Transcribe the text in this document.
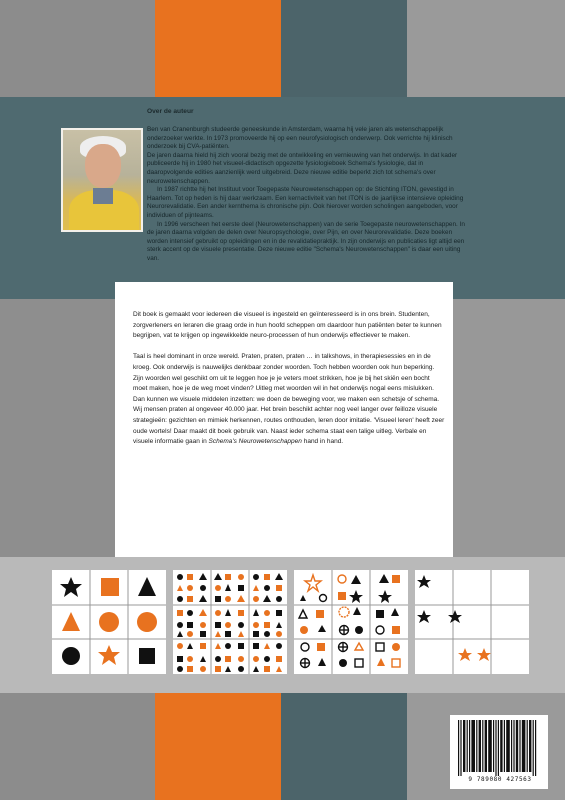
Over de auteur

Ben van Cranenburgh studeerde geneeskunde in Amsterdam, waarna hij vele jaren als wetenschappelijk onderzoeker werkte. In 1973 promoveerde hij op een neurofysiologisch onderwerp. Ook verrichte hij klinisch onderzoek bij CVA-patiënten.

De jaren daarna hield hij zich vooral bezig met de ontwikkeling en vernieuwing van het onderwijs. In dat kader publiceerde hij in 1980 het visueel-didactisch opgezette fysiologieboek Schema's fysiologie, dat in daaropvolgende edities aanzienlijk werd uitgebreid. Deze nieuwe editie beperkt zich tot schema's over neurowetenschappen.

In 1987 richtte hij het Instituut voor Toegepaste Neurowetenschappen op: de Stichting ITON, gevestigd in Haarlem. Tot op heden is hij daar werkzaam. Een kernactiviteit van het ITON is de jaarlijkse intensieve opleiding Neurorevalidatie. Een ander kernthema is chronische pijn. Ook hierover worden scholingen aangeboden, voor individuen of pijnteams.

In 1996 verscheen het eerste deel (Neurowetenschappen) van de serie Toegepaste neurowetenschappen. In de jaren daarna volgden de delen over Neuropsychologie, over Pijn, en over Neurorevalidatie. Deze boeken worden intensief gebruikt op opleidingen en in de revalidatiepraktijk. In zijn onderwijs en publicaties ligt altijd een sterk accent op de visuele presentatie. Deze nieuwe editie "Schema's Neurowetenschappen" is daar een uiting van.

Dit boek is gemaakt voor iedereen die visueel is ingesteld en geïnteresseerd is in ons brein. Studenten, zorgverleners en leraren die graag orde in hun hoofd scheppen om daardoor hun patiënten beter te kunnen begrijpen, vat te krijgen op ingewikkelde neuro-processen of hun onderwijs effectiever te maken.

Taal is heel dominant in onze wereld. Praten, praten, praten … in talkshows, in therapiesessies en in de kroeg. Ook onderwijs is nauwelijks denkbaar zonder woorden. Toch hebben woorden ook hun beperking. Zijn woorden wel geschikt om uit te leggen hoe je je veters moet strikken, hoe je bij het skiën een bocht moet maken, hoe je de weg moet vinden? Uitleg met woorden wil in het onderwijs nogal eens mislukken. Dan kunnen we visuele middelen inzetten: we doen de beweging voor, we maken een schetsje of schema.

Wij mensen praten al ongeveer 40.000 jaar. Het brein beschikt achter nog veel langer over feilloze visuele strategieën: gezichten en mimiek herkennen, routes onthouden, leren door imitatie. 'Visueel leren' heeft zeer oude wortels! Daar maakt dit boek gebruik van. Naast ieder schema staat een talige uitleg. Verbale en visuele informatie gaan in Schema's Neurowetenschappen hand in hand.

9 789080 427563
